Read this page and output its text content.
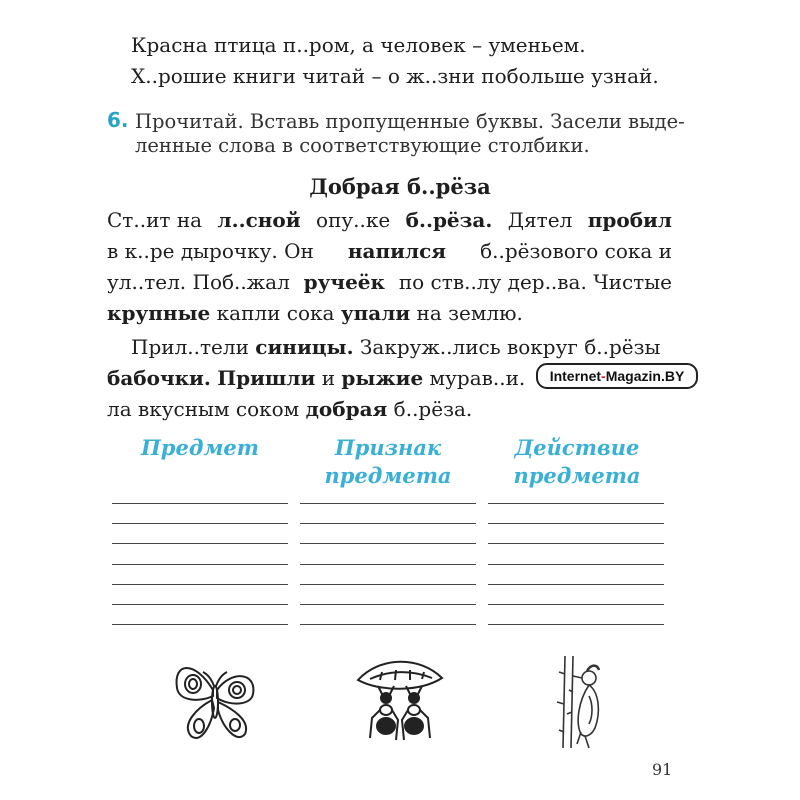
Красна птица п..ром, а человек – уменьем.
Х..рошие книги читай – о ж..зни побольше узнай.
6. Прочитай. Вставь пропущенные буквы. Засели выде-
ленные слова в соответствующие столбики.
Добрая б..рёза
Ст..ит на л..сной опу..ке б..рёза. Дятел пробил
в к..ре дырочку. Он напился б..рёзового сока и
ул..тел. Поб..жал ручеёк по ств..лу дер..ва. Чистые
крупные капли сока упали на землю.
Прил..тели синицы. Закруж..лись вокруг б..рёзы
бабочки. Пришли и рыжие мурав..и.
ла вкусным соком добрая б..рёза.
Internet-Magazin.BY
Предмет	Признак
предмета
Действие
предмета
91
